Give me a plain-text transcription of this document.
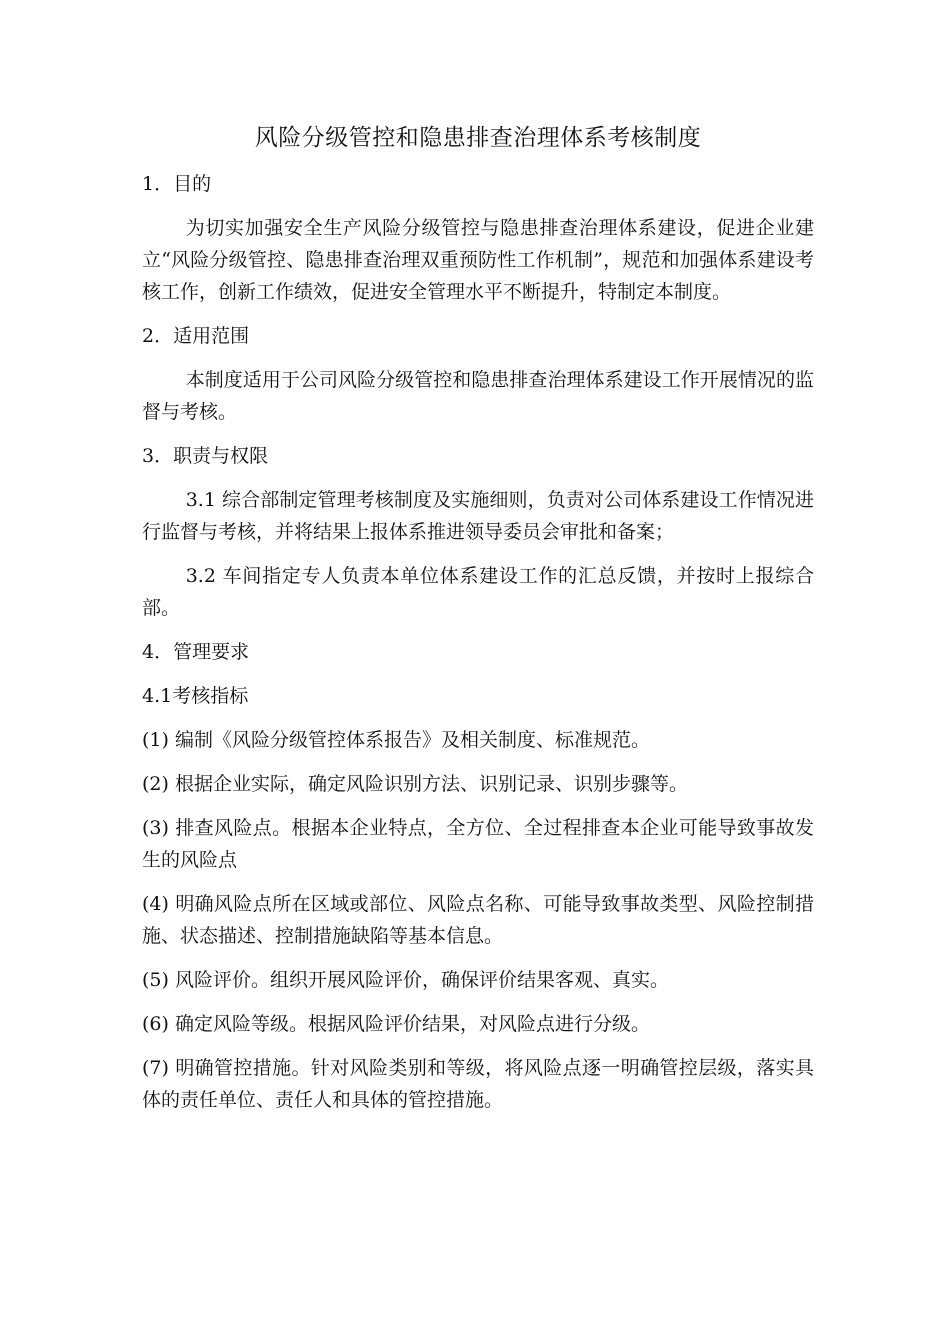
风险分级管控和隐患排查治理体系考核制度
1．目的
为切实加强安全生产风险分级管控与隐患排查治理体系建设，促进企业建立“风险分级管控、隐患排查治理双重预防性工作机制”，规范和加强体系建设考核工作，创新工作绩效，促进安全管理水平不断提升，特制定本制度。
2．适用范围
本制度适用于公司风险分级管控和隐患排查治理体系建设工作开展情况的监督与考核。
3．职责与权限
3.1 综合部制定管理考核制度及实施细则，负责对公司体系建设工作情况进行监督与考核，并将结果上报体系推进领导委员会审批和备案；
3.2 车间指定专人负责本单位体系建设工作的汇总反馈，并按时上报综合部。
4．管理要求
4.1考核指标
(1) 编制《风险分级管控体系报告》及相关制度、标准规范。
(2) 根据企业实际，确定风险识别方法、识别记录、识别步骤等。
(3) 排查风险点。根据本企业特点，全方位、全过程排查本企业可能导致事故发生的风险点
(4) 明确风险点所在区域或部位、风险点名称、可能导致事故类型、风险控制措施、状态描述、控制措施缺陷等基本信息。
(5) 风险评价。组织开展风险评价，确保评价结果客观、真实。
(6) 确定风险等级。根据风险评价结果，对风险点进行分级。
(7) 明确管控措施。针对风险类别和等级，将风险点逐一明确管控层级，落实具体的责任单位、责任人和具体的管控措施。
